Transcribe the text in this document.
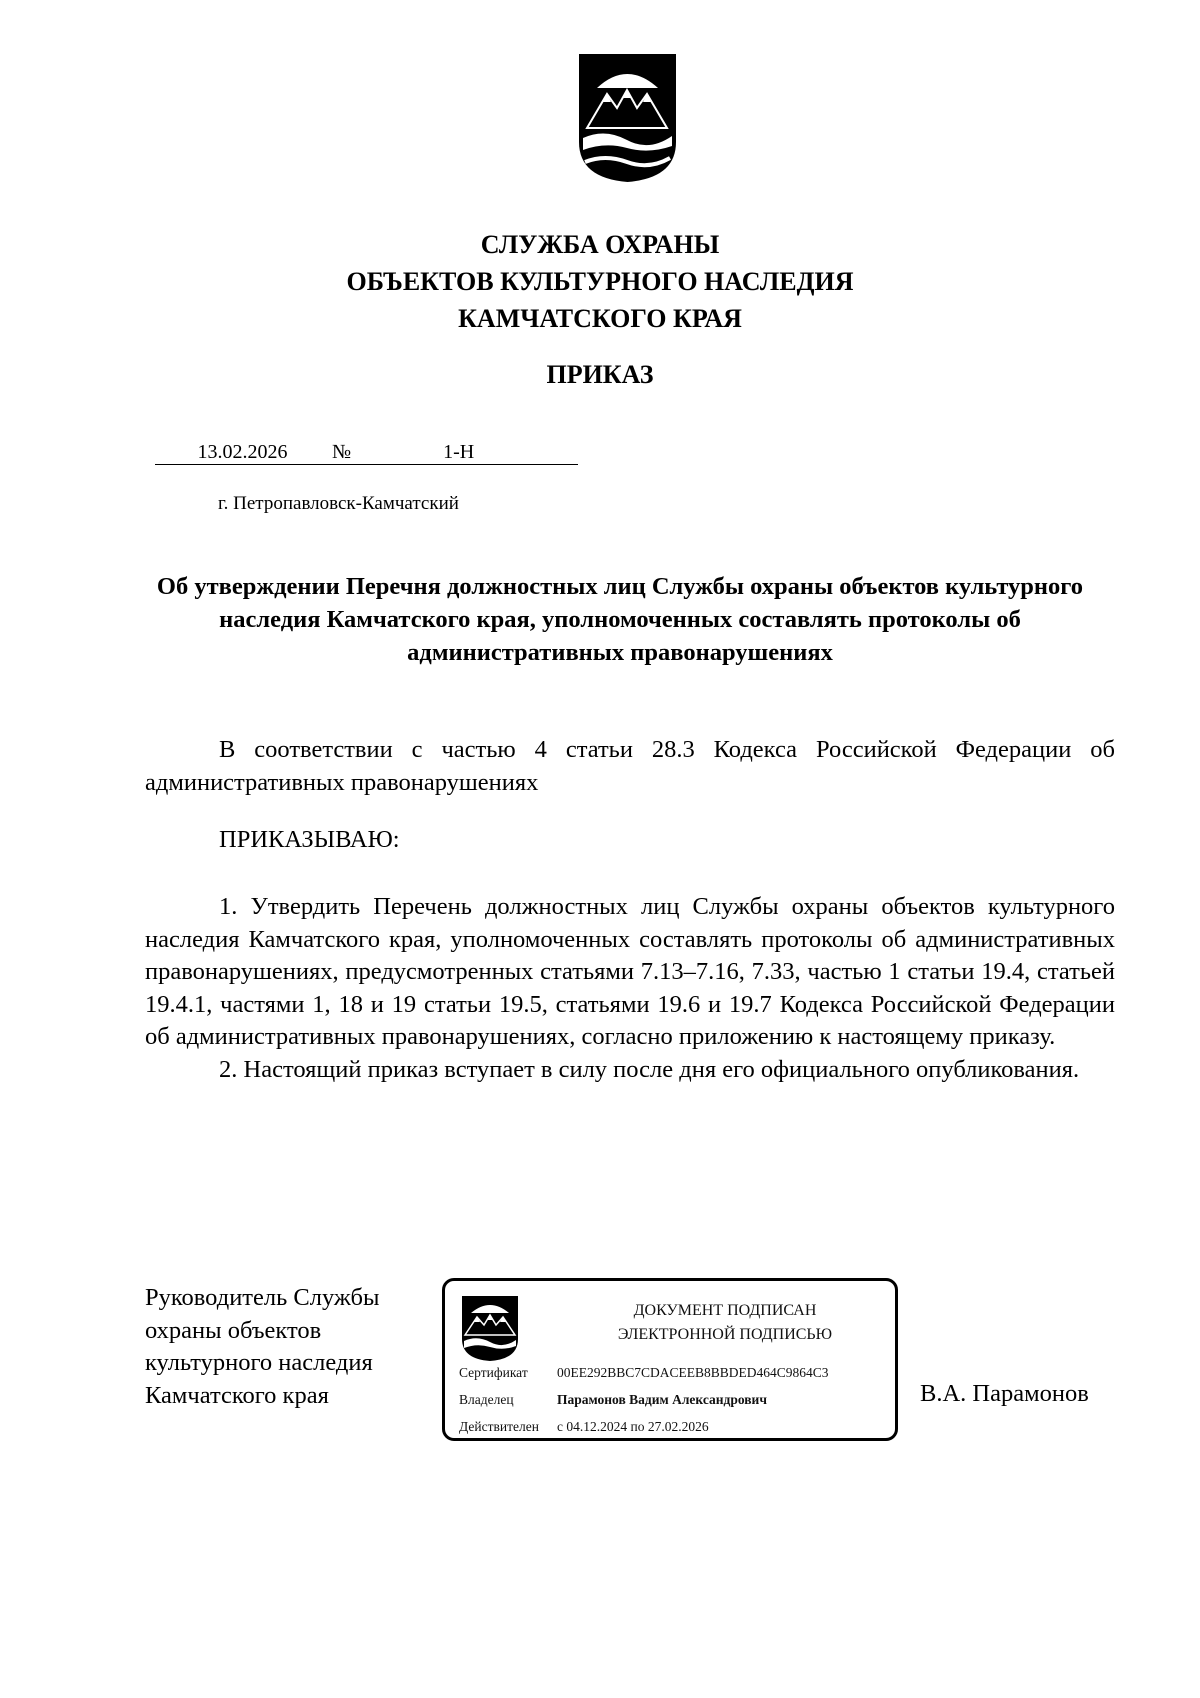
СЛУЖБА ОХРАНЫ
ОБЪЕКТОВ КУЛЬТУРНОГО НАСЛЕДИЯ
КАМЧАТСКОГО КРАЯ
ПРИКАЗ
13.02.2026 №	1-Н
г. Петропавловск-Камчатский
Об утверждении Перечня должностных лиц Службы охраны объектов культурного наследия Камчатского края, уполномоченных составлять протоколы об административных правонарушениях

В соответствии с частью 4 статьи 28.3 Кодекса Российской Федерации об административных правонарушениях

ПРИКАЗЫВАЮ:

1. Утвердить Перечень должностных лиц Службы охраны объектов культурного наследия Камчатского края, уполномоченных составлять протоколы об административных правонарушениях, предусмотренных статьями 7.13–7.16, 7.33, частью 1 статьи 19.4, статьей 19.4.1, частями 1, 18 и 19 статьи 19.5, статьями 19.6 и 19.7 Кодекса Российской Федерации об административных правонарушениях, согласно приложению к настоящему приказу.

2. Настоящий приказ вступает в силу после дня его официального опубликования.

Руководитель Службы
охраны объектов
культурного наследия
Камчатского края
ДОКУМЕНТ ПОДПИСАН
ЭЛЕКТРОННОЙ ПОДПИСЬЮ
Сертификат 00EE292BBC7CDACEEB8BBDED464C9864C3
Владелец	Парамонов Вадим Александрович
Действителен с 04.12.2024 по 27.02.2026
В.А. Парамонов
